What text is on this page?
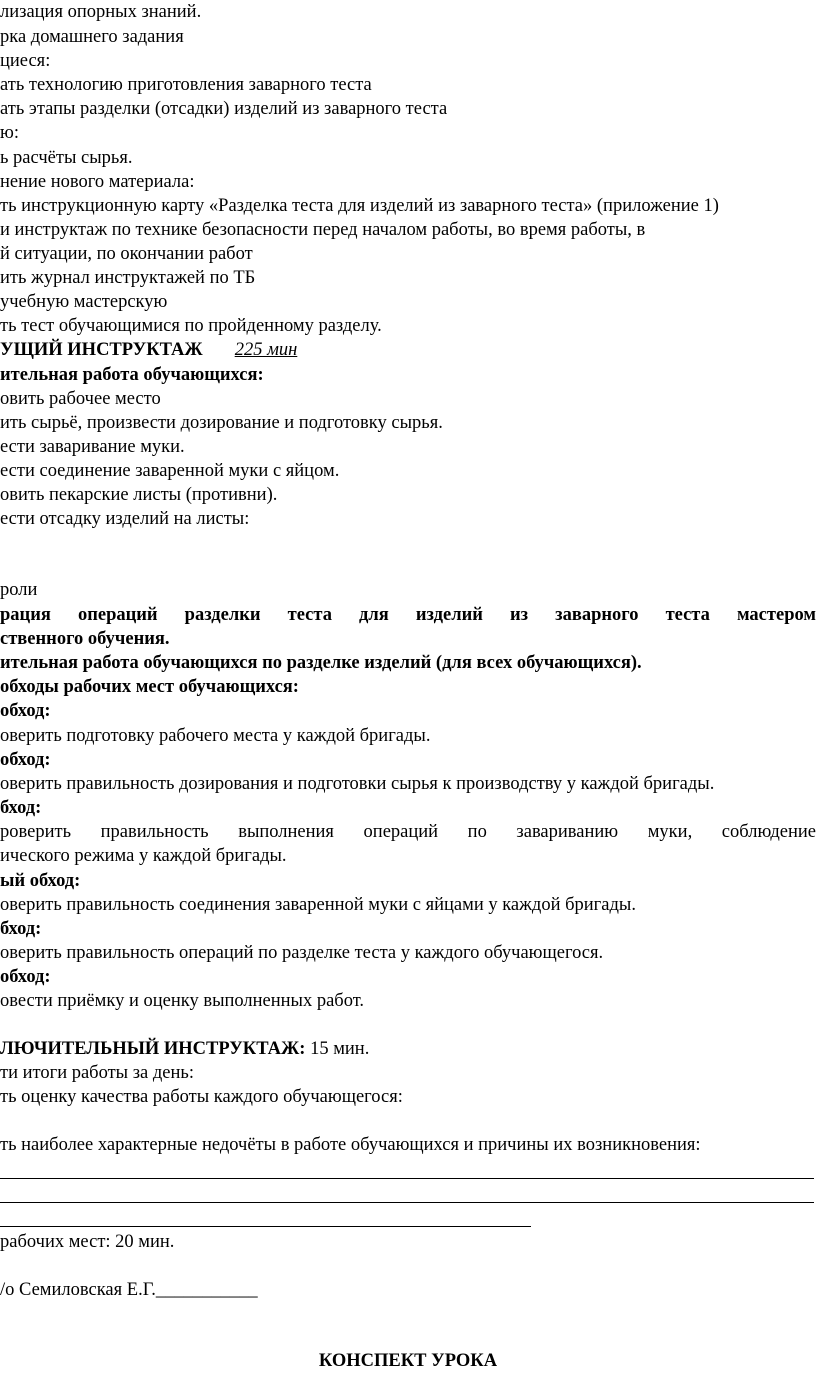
лизация опорных знаний.
рка домашнего задания
циеся:
ать технологию приготовления заварного теста
ать этапы разделки (отсадки) изделий из заварного теста
ю:
ь расчёты сырья.
нение нового материала:
ть инструкционную карту «Разделка теста для изделий из заварного теста» (приложение 1)
и инструктаж по технике безопасности перед началом работы, во время работы, в
й ситуации, по окончании работ
ить журнал инструктажей по ТБ
учебную мастерскую
ть тест обучающимися по пройденному разделу.
УЩИЙ ИНСТРУКТАЖ 225 мин
ительная работа обучающихся:
овить рабочее место
ить сырьё, произвести дозирование и подготовку сырья.
ести заваривание муки.
ести соединение заваренной муки с яйцом.
овить пекарские листы (противни).
ести отсадку изделий на листы:
роли
рация операций разделки теста для изделий из заварного теста мастером
ственного обучения.
ительная работа обучающихся по разделке изделий (для всех обучающихся).
обходы рабочих мест обучающихся:
обход:
оверить подготовку рабочего места у каждой бригады.
обход:
оверить правильность дозирования и подготовки сырья к производству у каждой бригады.
бход:
роверить правильность выполнения операций по завариванию муки, соблюдение
ического режима у каждой бригады.
ый обход:
оверить правильность соединения заваренной муки с яйцами у каждой бригады.
бход:
оверить правильность операций по разделке теста у каждого обучающегося.
обход:
овести приёмку и оценку выполненных работ.
ЛЮЧИТЕЛЬНЫЙ ИНСТРУКТАЖ: 15 мин.
ти итоги работы за день:
ть оценку качества работы каждого обучающегося:
ть наиболее характерные недочёты в работе обучающихся и причины их возникновения:
рабочих мест: 20 мин.
/о Семиловская Е.Г.___________
КОНСПЕКТ УРОКА
